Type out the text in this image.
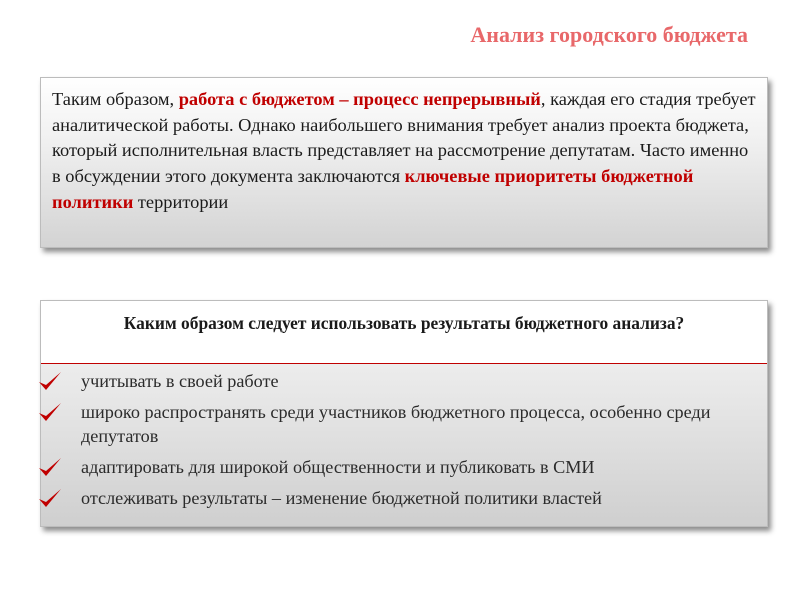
Анализ городского бюджета
Таким образом, работа с бюджетом – процесс непрерывный, каждая его стадия требует аналитической работы. Однако наибольшего внимания требует анализ проекта бюджета, который исполнительная власть представляет на рассмотрение депутатам. Часто именно в обсуждении этого документа заключаются ключевые приоритеты бюджетной политики территории
Каким образом следует использовать результаты бюджетного анализа?
учитывать в своей работе
широко распространять среди участников бюджетного процесса, особенно среди депутатов
адаптировать для широкой общественности и публиковать в СМИ
отслеживать результаты – изменение бюджетной политики властей
